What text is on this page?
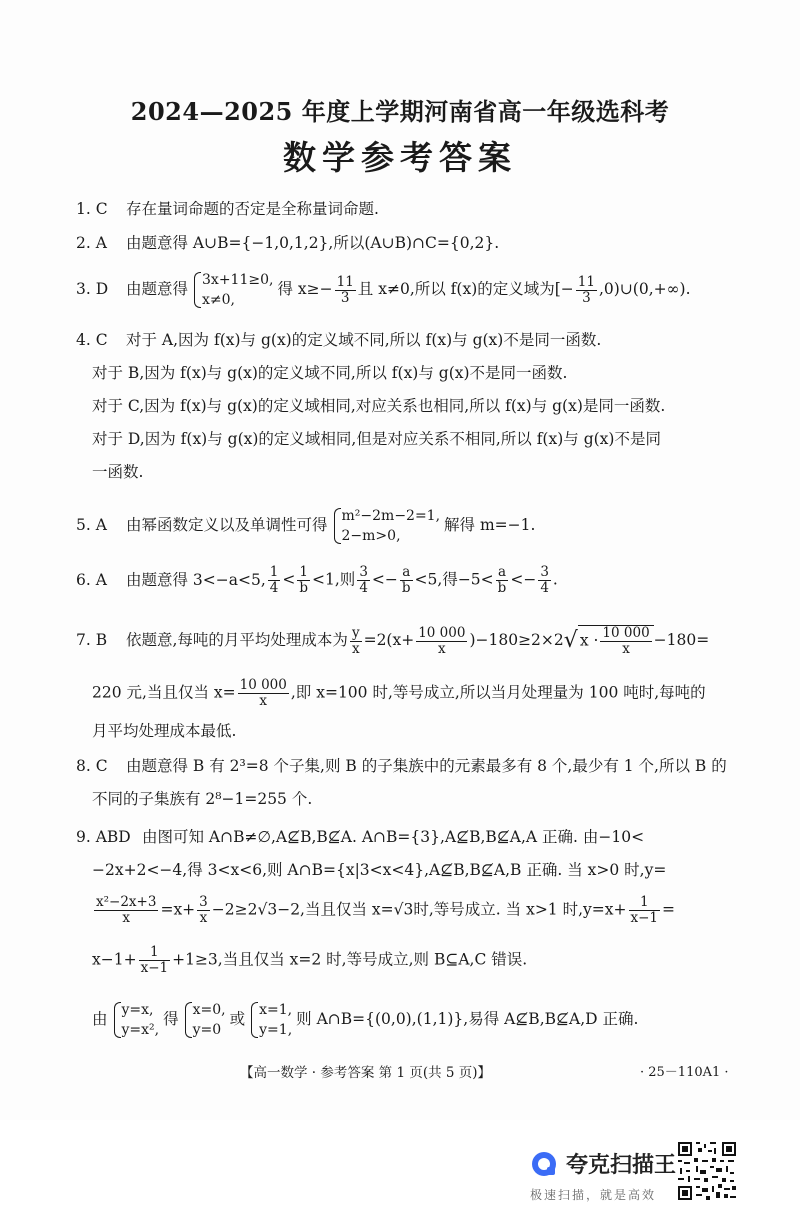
2024—2025 年度上学期河南省高一年级选科考
数学参考答案
1. C 存在量词命题的否定是全称量词命题.
2. A 由题意得 A∪B={−1,0,1,2},所以(A∪B)∩C={0,2}.
3. D 由题意得 3x+11≥0,
x≠0,
得 $x\ge- \frac{11}{3}$ 且 x≠0,所以 f(x)的定义域为[− $\frac{11}{3}$ ,0)∪(0,+∞).
4. C 对于 A,因为 f(x)与 g(x)的定义域不同,所以 f(x)与 g(x)不是同一函数.
对于 B,因为 f(x)与 g(x)的定义域不同,所以 f(x)与 g(x)不是同一函数.
对于 C,因为 f(x)与 g(x)的定义域相同,对应关系也相同,所以 f(x)与 g(x)是同一函数.
对于 D,因为 f(x)与 g(x)的定义域相同,但是对应关系不相同,所以 f(x)与 g(x)不是同
一函数.
5. A 由幂函数定义以及单调性可得 m²−2m−2=1,
2−m>0,
解得 m=−1.
6. A 由题意得 3<−a<5, $\frac{1}{4} < \frac{1}{b} <1$,则 $\frac{3}{4} <- \frac{a}{b} <5$,得$-5< \frac{a}{b} <- \frac{3}{4}$ .
7. B 依题意,每吨的月平均处理成本为 $\frac{y}{x} =2(x+ \frac{10 000}{x} )-180\ge 2\times 2√$ $x \cdot \frac{10 000}{x} -180=$
220 元,当且仅当 $x= \frac{10 000}{x}$ ,即 x=100 时,等号成立,所以当月处理量为 100 吨时,每吨的
月平均处理成本最低.
8. C 由题意得 B 有 2³=8 个子集,则 B 的子集族中的元素最多有 8 个,最少有 1 个,所以 B 的
不同的子集族有 2⁸−1=255 个.
9. ABD 由图可知 A∩B≠∅,A⊈B,B⊈A. A∩B={3},A⊈B,B⊈A,A 正确. 由−10<
−2x+2<−4,得 3<x<6,则 A∩B={x|3<x<4},A⊈B,B⊈A,B 正确. 当 x>0 时,y=
$\frac{\text{x²−2x+3}}{x} =x+ \frac{3}{x} -2\ge 2√3-2$,当且仅当 x=√3时,等号成立. 当 x>1 时$,y=x+ \frac{1}{x-1}$ =
$x-1+ \frac{1}{x-1} +1\ge 3$,当且仅当 x=2 时,等号成立,则 B⊆A,C 错误.
由 y=x,
y=x²,
得 x=0,
y=0
或 x=1,
y=1,
则 A∩B={(0,0),(1,1)},易得 A⊈B,B⊈A,D 正确.
【高一数学 · 参考答案 第 1 页(共 5 页)】	· 25－110A1 ·
夸克扫描王
极速扫描，就是高效
